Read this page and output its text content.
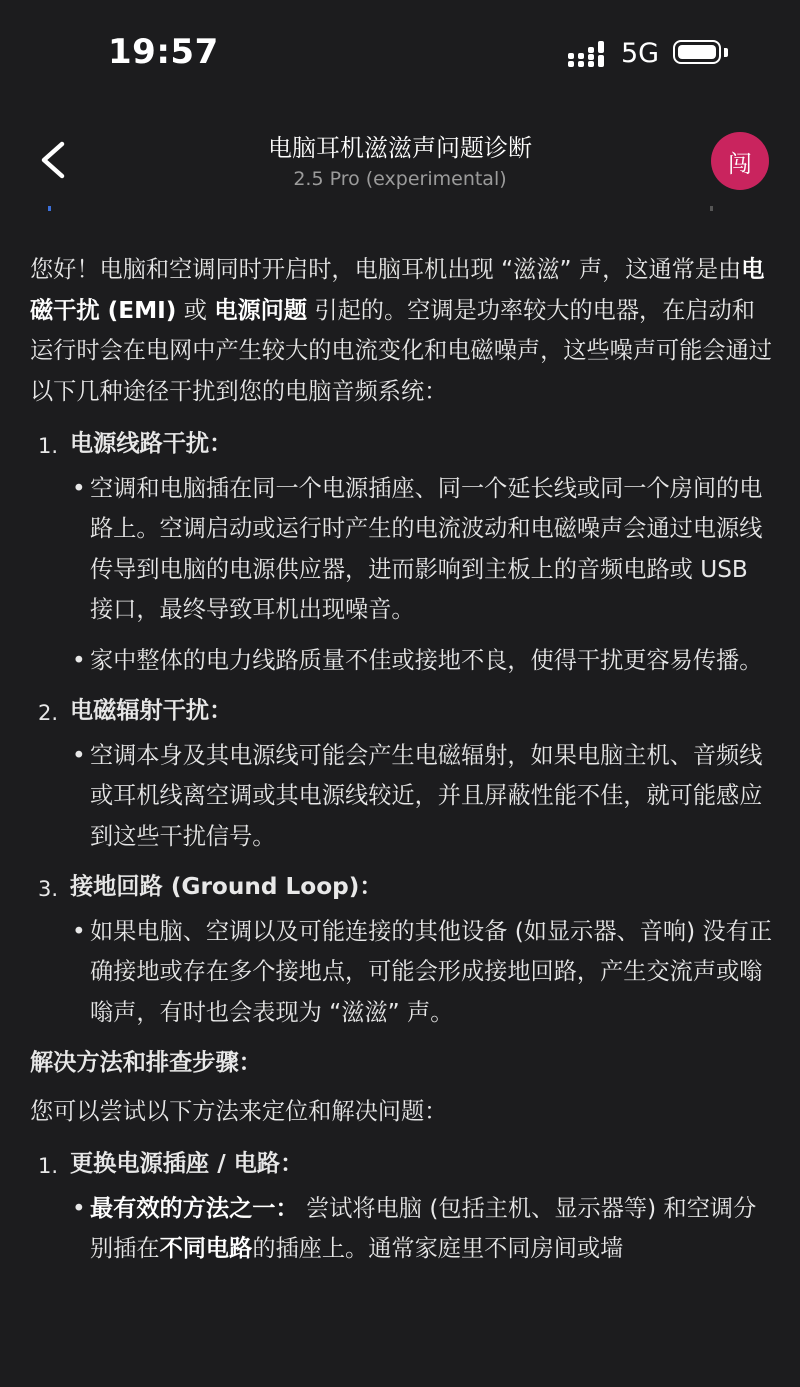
19:57	5G
电脑耳机滋滋声问题诊断
2.5 Pro (experimental)
闯

您好！电脑和空调同时开启时，电脑耳机出现 “滋滋” 声，这通常是由电磁干扰 (EMI) 或 电源问题 引起的。空调是功率较大的电器，在启动和运行时会在电网中产生较大的电流变化和电磁噪声，这些噪声可能会通过以下几种途径干扰到您的电脑音频系统：

1. 电源线路干扰：

• 空调和电脑插在同一个电源插座、同一个延长线或同一个房间的电路上。空调启动或运行时产生的电流波动和电磁噪声会通过电源线传导到电脑的电源供应器，进而影响到主板上的音频电路或 USB 接口，最终导致耳机出现噪音。

• 家中整体的电力线路质量不佳或接地不良，使得干扰更容易传播。

2. 电磁辐射干扰：

• 空调本身及其电源线可能会产生电磁辐射，如果电脑主机、音频线或耳机线离空调或其电源线较近，并且屏蔽性能不佳，就可能感应到这些干扰信号。

3. 接地回路 (Ground Loop)：

• 如果电脑、空调以及可能连接的其他设备 (如显示器、音响) 没有正确接地或存在多个接地点，可能会形成接地回路，产生交流声或嗡嗡声，有时也会表现为 “滋滋” 声。

解决方法和排查步骤：

您可以尝试以下方法来定位和解决问题：

1. 更换电源插座 / 电路：

• 最有效的方法之一： 尝试将电脑 (包括主机、显示器等) 和空调分别插在不同电路的插座上。通常家庭里不同房间或墙
